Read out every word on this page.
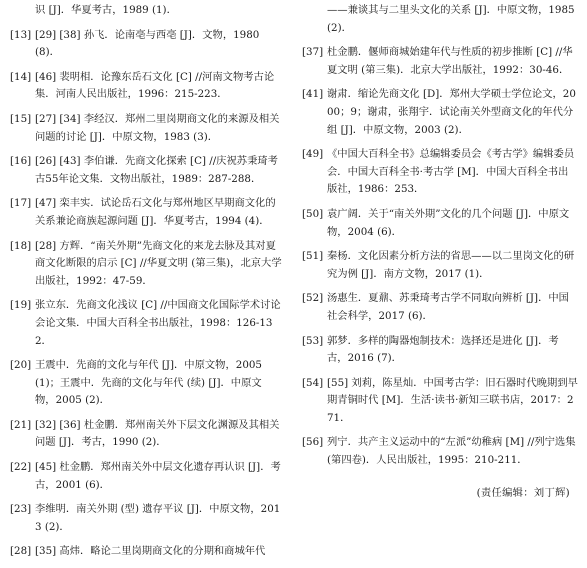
识 [J]．华夏考古，1989 (1)．
[13] [29] [38] 孙飞．论南亳与西亳 [J]．文物，1980 (8)．
[14] [46] 裴明相．论豫东岳石文化 [C] //河南文物考古论集．河南人民出版社，1996：215-223．
[15] [27] [34] 李经汉．郑州二里岗期商文化的来源及相关问题的讨论 [J]．中原文物，1983 (3)．
[16] [26] [43] 李伯谦．先商文化探索 [C] //庆祝苏秉琦考古55年论文集．文物出版社，1989：287-288．
[17] [47] 栾丰实．试论岳石文化与郑州地区早期商文化的关系兼论商族起源问题 [J]．华夏考古，1994 (4)．
[18] [28] 方辉．“南关外期”先商文化的来龙去脉及其对夏商文化断限的启示 [C] //华夏文明 (第三集)，北京大学出版社，1992：47-59．
[19] 张立东．先商文化浅议 [C] //中国商文化国际学术讨论会论文集．中国大百科全书出版社，1998：126-132．
[20] 王震中．先商的文化与年代 [J]．中原文物，2005 (1)；王震中．先商的文化与年代 (续) [J]．中原文物，2005 (2)．
[21] [32] [36] 杜金鹏．郑州南关外下层文化渊源及其相关问题 [J]．考古，1990 (2)．
[22] [45] 杜金鹏．郑州南关外中层文化遗存再认识 [J]．考古，2001 (6)．
[23] 李维明．南关外期 (型) 遗存平议 [J]．中原文物，2013 (2)．
[28] [35] 高炜．略论二里岗期商文化的分期和商城年代
——兼谈其与二里头文化的关系 [J]．中原文物，1985 (2)．
[37] 杜金鹏．偃师商城始建年代与性质的初步推断 [C] //华夏文明 (第三集)．北京大学出版社，1992：30-46．
[41] 谢肃．缩论先商文化 [D]．郑州大学硕士学位论文，2000；9；谢肃，张翔宇．试论南关外型商文化的年代分组 [J]．中原文物，2003 (2)．
[49] 《中国大百科全书》总编辑委员会《考古学》编辑委员会．中国大百科全书·考古学 [M]．中国大百科全书出版社，1986：253．
[50] 袁广阔．关于“南关外期”文化的几个问题 [J]．中原文物，2004 (6)．
[51] 秦杨．文化因素分析方法的省思——以二里岗文化的研究为例 [J]．南方文物，2017 (1)．
[52] 汤惠生．夏鼐、苏秉琦考古学不同取向辨析 [J]．中国社会科学，2017 (6)．
[53] 郭梦．多样的陶器炮制技术：选择还是进化 [J]．考古，2016 (7)．
[54] [55] 刘莉，陈星灿．中国考古学：旧石器时代晚期到早期青铜时代 [M]．生活·读书·新知三联书店，2017：271．
[56] 列宁．共产主义运动中的“左派”幼稚病 [M] //列宁选集 (第四卷)．人民出版社，1995：210-211．
(责任编辑：刘丁辉)
